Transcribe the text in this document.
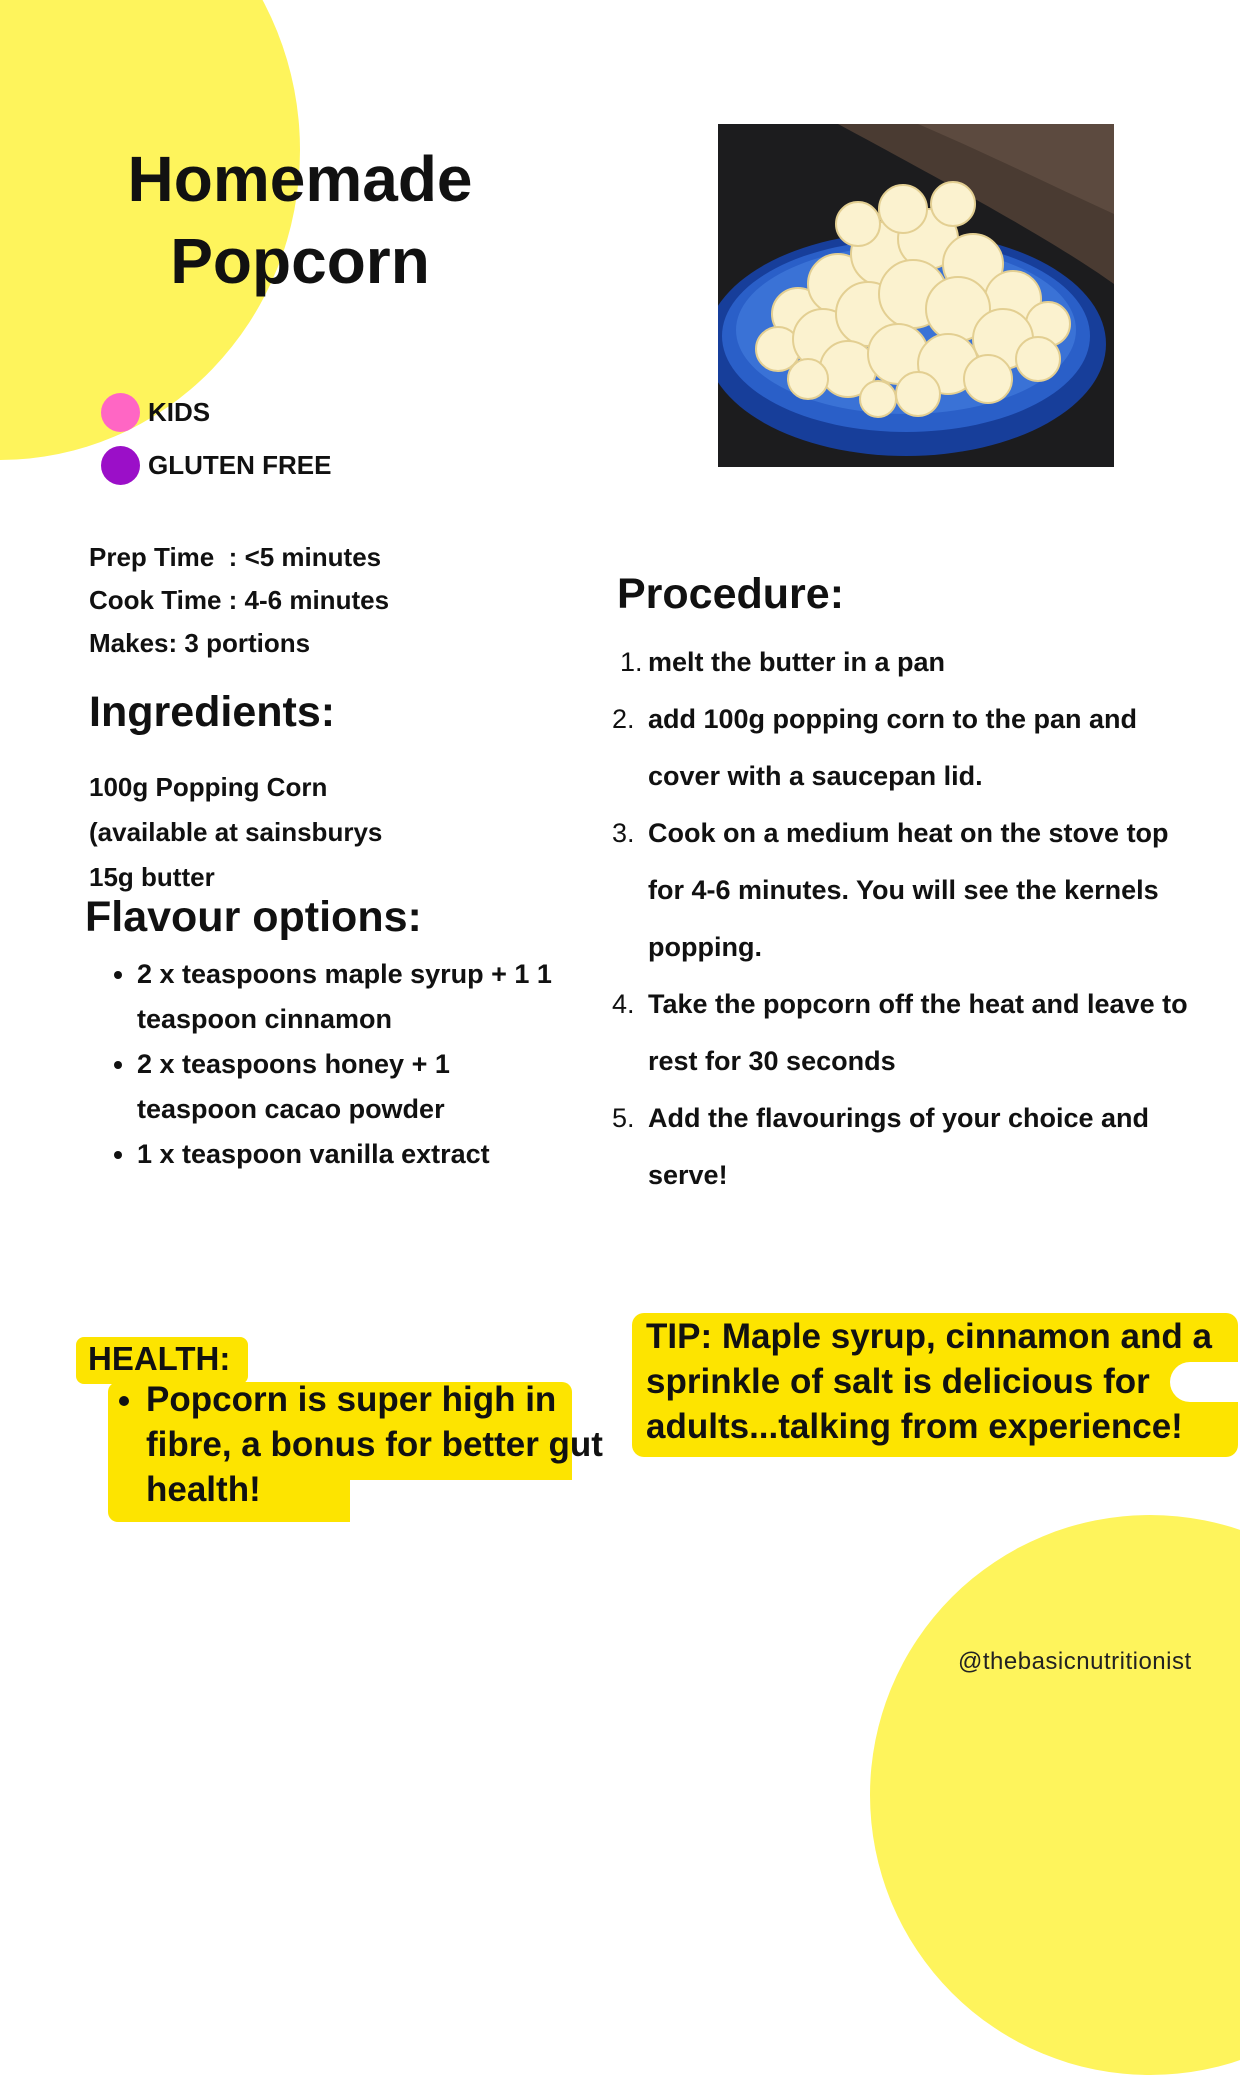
Homemade
Popcorn
KIDS
GLUTEN FREE
Prep Time  : <5 minutes
Cook Time : 4-6 minutes
Makes: 3 portions
Ingredients:
100g Popping Corn
(available at sainsburys
15g butter
Flavour options:
• 2 x teaspoons maple syrup + 1 1 teaspoon cinnamon
• 2 x teaspoons honey + 1 teaspoon cacao powder
• 1 x teaspoon vanilla extract
Procedure:
1. melt the butter in a pan
2. add 100g popping corn to the pan and cover with a saucepan lid.
3. Cook on a medium heat on the stove top for 4-6 minutes. You will see the kernels popping.
4. Take the popcorn off the heat and leave to rest for 30 seconds
5. Add the flavourings of your choice and serve!
HEALTH:
• Popcorn is super high in fibre, a bonus for better gut health!
TIP: Maple syrup, cinnamon and a sprinkle of salt is delicious for adults...talking from experience!
@thebasicnutritionist
